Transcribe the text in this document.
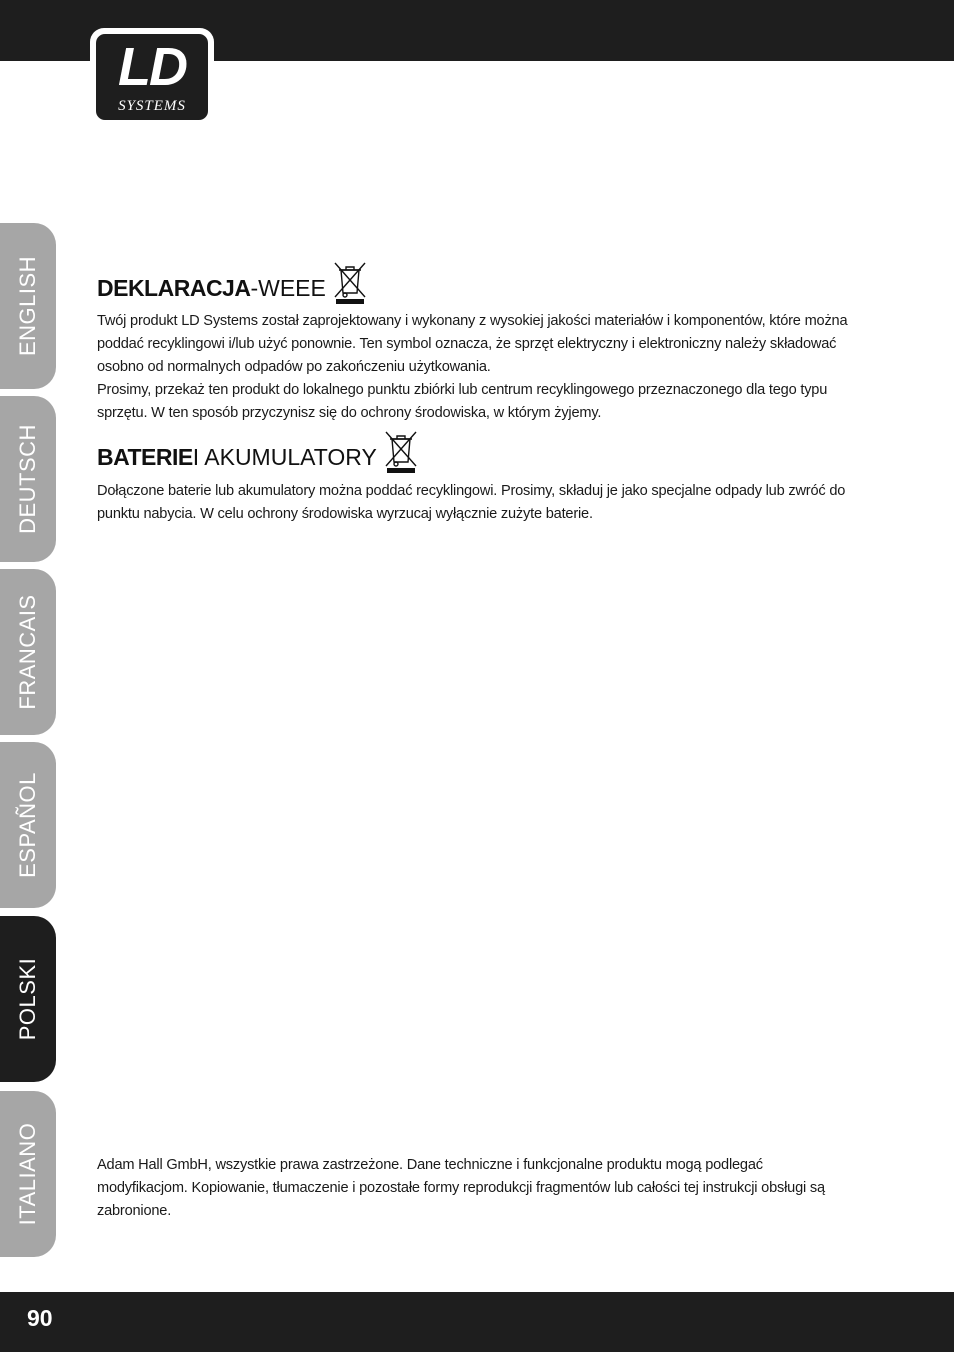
LD
SYSTEMS
ENGLISH
DEUTSCH
FRANCAIS
ESPAÑOL
POLSKI
ITALIANO
DEKLARACJA -WEEE

Twój produkt LD Systems został zaprojektowany i wykonany z wysokiej jakości materiałów i komponentów, które można poddać recyklingowi i/lub użyć ponownie. Ten symbol oznacza, że sprzęt elektryczny i elektroniczny należy składować osobno od normalnych odpadów po zakończeniu użytkowania.

Prosimy, przekaż ten produkt do lokalnego punktu zbiórki lub centrum recyklingowego przeznaczonego dla tego typu sprzętu. W ten sposób przyczynisz się do ochrony środowiska, w którym żyjemy.

BATERIE I AKUMULATORY

Dołączone baterie lub akumulatory można poddać recyklingowi. Prosimy, składuj je jako specjalne odpady lub zwróć do punktu nabycia. W celu ochrony środowiska wyrzucaj wyłącznie zużyte baterie.

Adam Hall GmbH, wszystkie prawa zastrzeżone. Dane techniczne i funkcjonalne produktu mogą podlegać modyfikacjom. Kopiowanie, tłumaczenie i pozostałe formy reprodukcji fragmentów lub całości tej instrukcji obsługi są zabronione.

90
